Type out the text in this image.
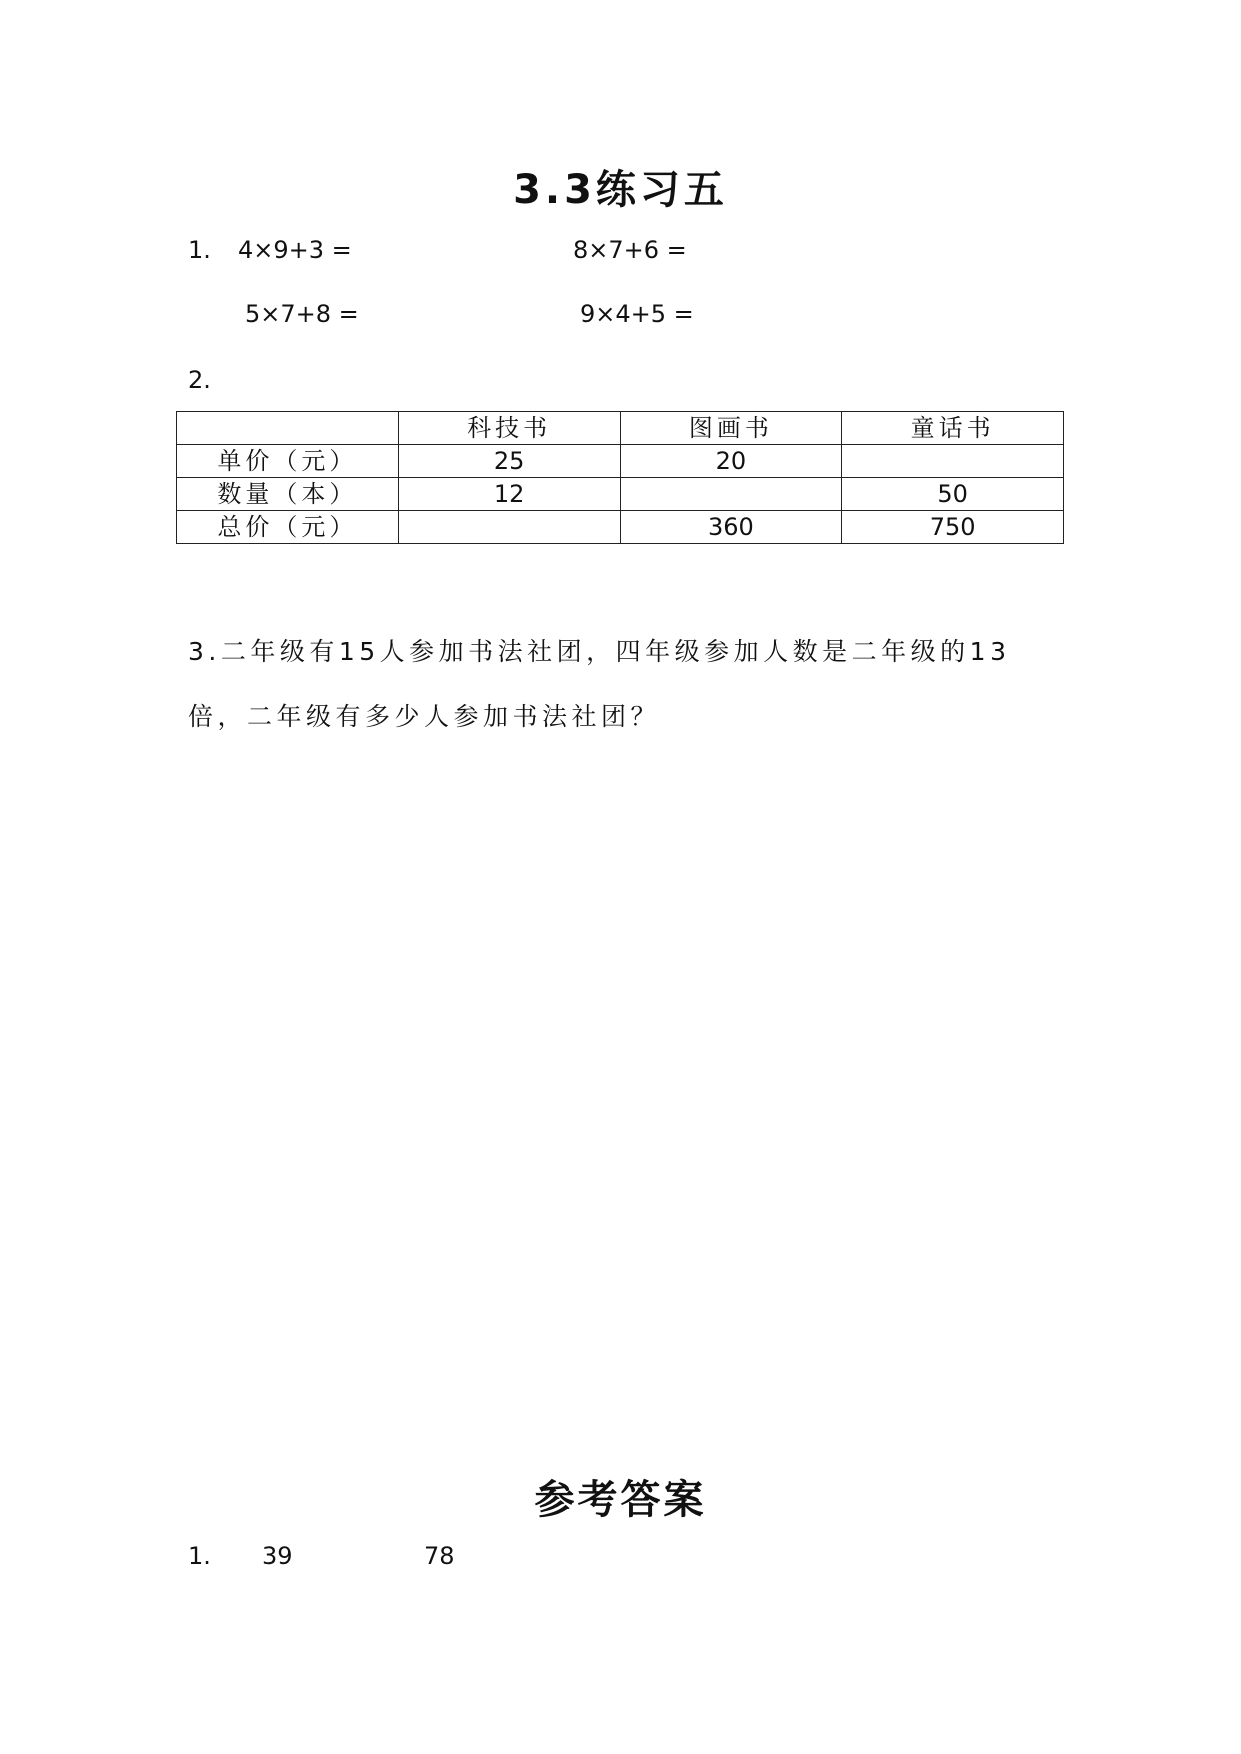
3.3练习五
1. 4×9+3 =	8×7+6 =
5×7+8 =	9×4+5 =
2.
	科技书	图画书	童话书
单价（元）	25	20	
数量（本）	12		50
总价（元）		360	750
3.二年级有15人参加书法社团，四年级参加人数是二年级的13
倍，二年级有多少人参加书法社团？
参考答案
1. 39	78
